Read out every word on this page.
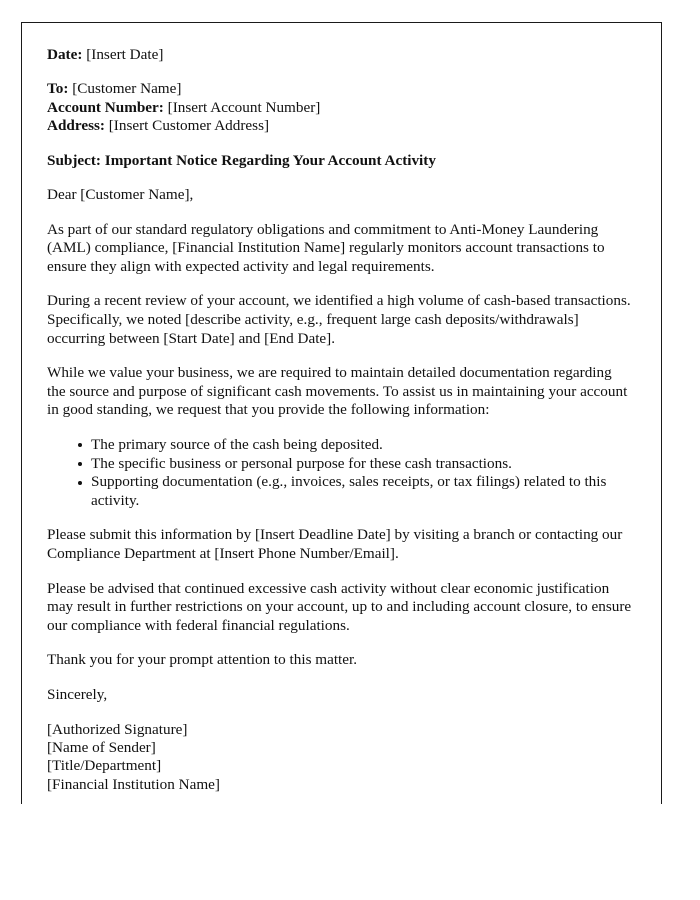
Date: [Insert Date]
To: [Customer Name]
Account Number: [Insert Account Number]
Address: [Insert Customer Address]
Subject: Important Notice Regarding Your Account Activity

Dear [Customer Name],

As part of our standard regulatory obligations and commitment to Anti-Money Laundering (AML) compliance, [Financial Institution Name] regularly monitors account transactions to ensure they align with expected activity and legal requirements.

During a recent review of your account, we identified a high volume of cash-based transactions. Specifically, we noted [describe activity, e.g., frequent large cash deposits/withdrawals] occurring between [Start Date] and [End Date].

While we value your business, we are required to maintain detailed documentation regarding the source and purpose of significant cash movements. To assist us in maintaining your account in good standing, we request that you provide the following information:

The primary source of the cash being deposited.
The specific business or personal purpose for these cash transactions.
Supporting documentation (e.g., invoices, sales receipts, or tax filings) related to this activity.

Please submit this information by [Insert Deadline Date] by visiting a branch or contacting our Compliance Department at [Insert Phone Number/Email].

Please be advised that continued excessive cash activity without clear economic justification may result in further restrictions on your account, up to and including account closure, to ensure our compliance with federal financial regulations.

Thank you for your prompt attention to this matter.

Sincerely,

[Authorized Signature]
[Name of Sender]
[Title/Department]
[Financial Institution Name]
